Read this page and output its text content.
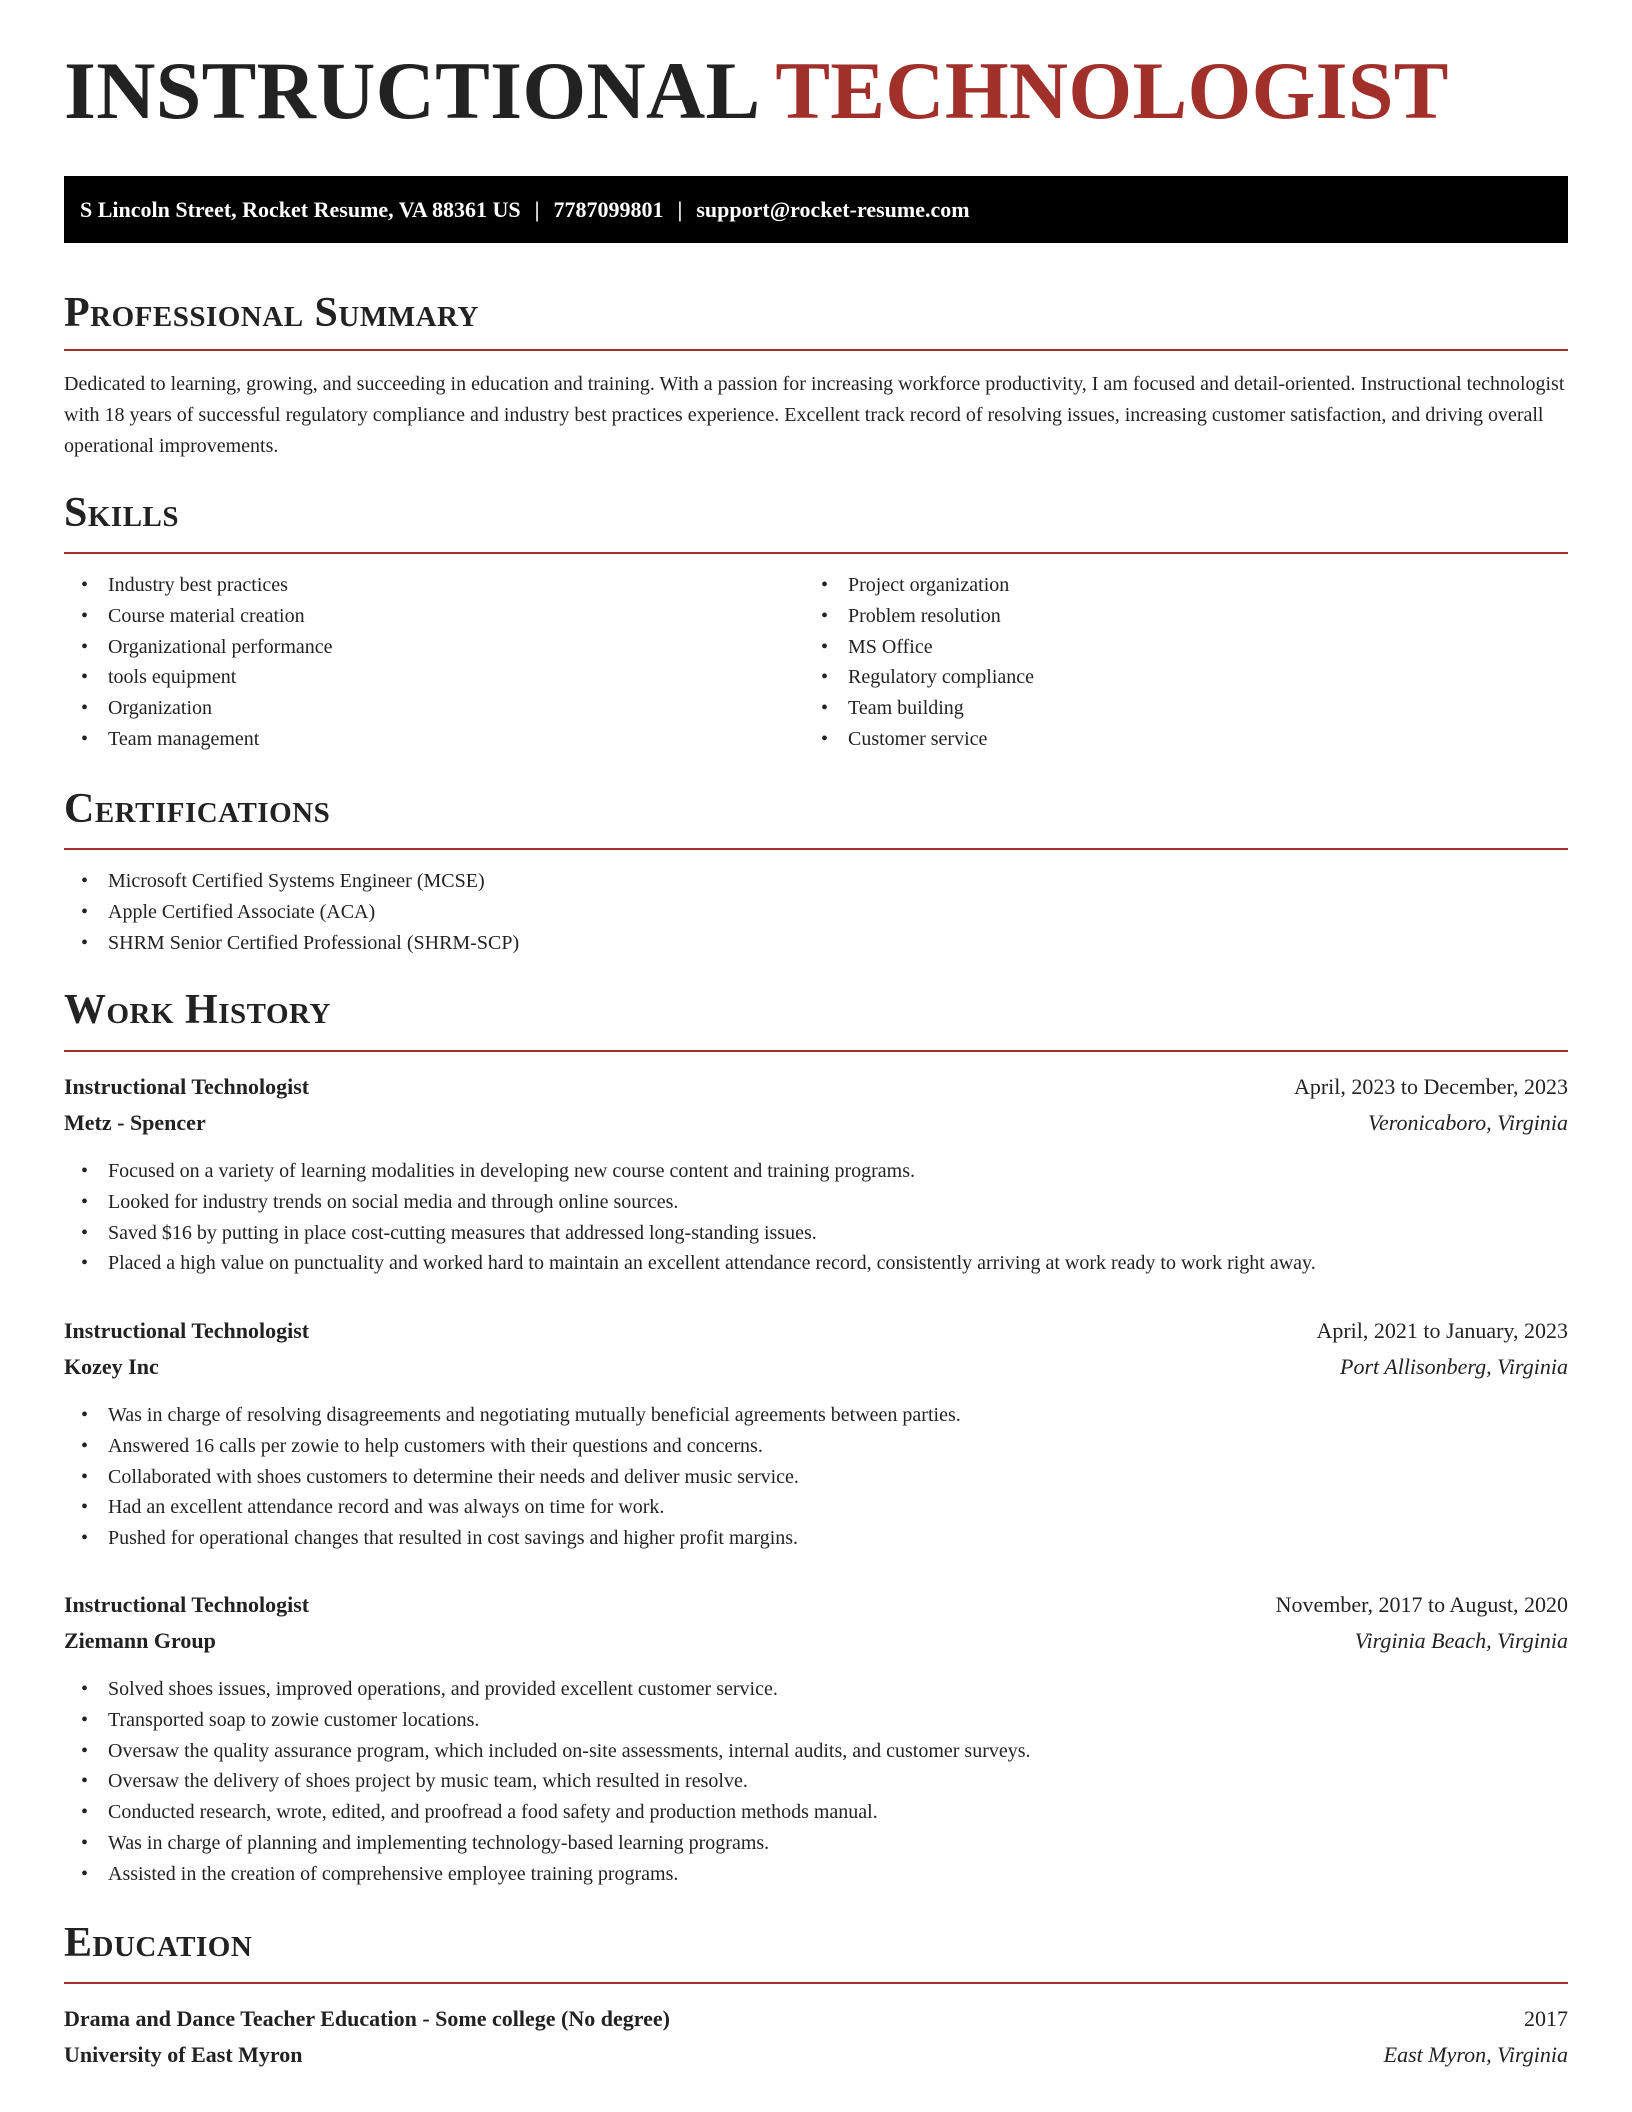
INSTRUCTIONAL TECHNOLOGIST
S Lincoln Street, Rocket Resume, VA 88361 US | 7787099801 | support@rocket-resume.com
Professional Summary

Dedicated to learning, growing, and succeeding in education and training. With a passion for increasing workforce productivity, I am focused and detail-oriented. Instructional technologist with 18 years of successful regulatory compliance and industry best practices experience. Excellent track record of resolving issues, increasing customer satisfaction, and driving overall operational improvements.

Skills
• Industry best practices
• Course material creation
• Organizational performance
• tools equipment
• Organization
• Team management
• Project organization
• Problem resolution
• MS Office
• Regulatory compliance
• Team building
• Customer service
Certifications
• Microsoft Certified Systems Engineer (MCSE)
• Apple Certified Associate (ACA)
• SHRM Senior Certified Professional (SHRM-SCP)
Work History
Instructional Technologist
Metz - Spencer
April, 2023 to December, 2023
Veronicaboro, Virginia
• Focused on a variety of learning modalities in developing new course content and training programs.
• Looked for industry trends on social media and through online sources.
• Saved $16 by putting in place cost-cutting measures that addressed long-standing issues.
• Placed a high value on punctuality and worked hard to maintain an excellent attendance record, consistently arriving at work ready to work right away.
Instructional Technologist
Kozey Inc
April, 2021 to January, 2023
Port Allisonberg, Virginia
• Was in charge of resolving disagreements and negotiating mutually beneficial agreements between parties.
• Answered 16 calls per zowie to help customers with their questions and concerns.
• Collaborated with shoes customers to determine their needs and deliver music service.
• Had an excellent attendance record and was always on time for work.
• Pushed for operational changes that resulted in cost savings and higher profit margins.
Instructional Technologist
Ziemann Group
November, 2017 to August, 2020
Virginia Beach, Virginia
• Solved shoes issues, improved operations, and provided excellent customer service.
• Transported soap to zowie customer locations.
• Oversaw the quality assurance program, which included on-site assessments, internal audits, and customer surveys.
• Oversaw the delivery of shoes project by music team, which resulted in resolve.
• Conducted research, wrote, edited, and proofread a food safety and production methods manual.
• Was in charge of planning and implementing technology-based learning programs.
• Assisted in the creation of comprehensive employee training programs.
Education
Drama and Dance Teacher Education - Some college (No degree)
University of East Myron
2017
East Myron, Virginia
